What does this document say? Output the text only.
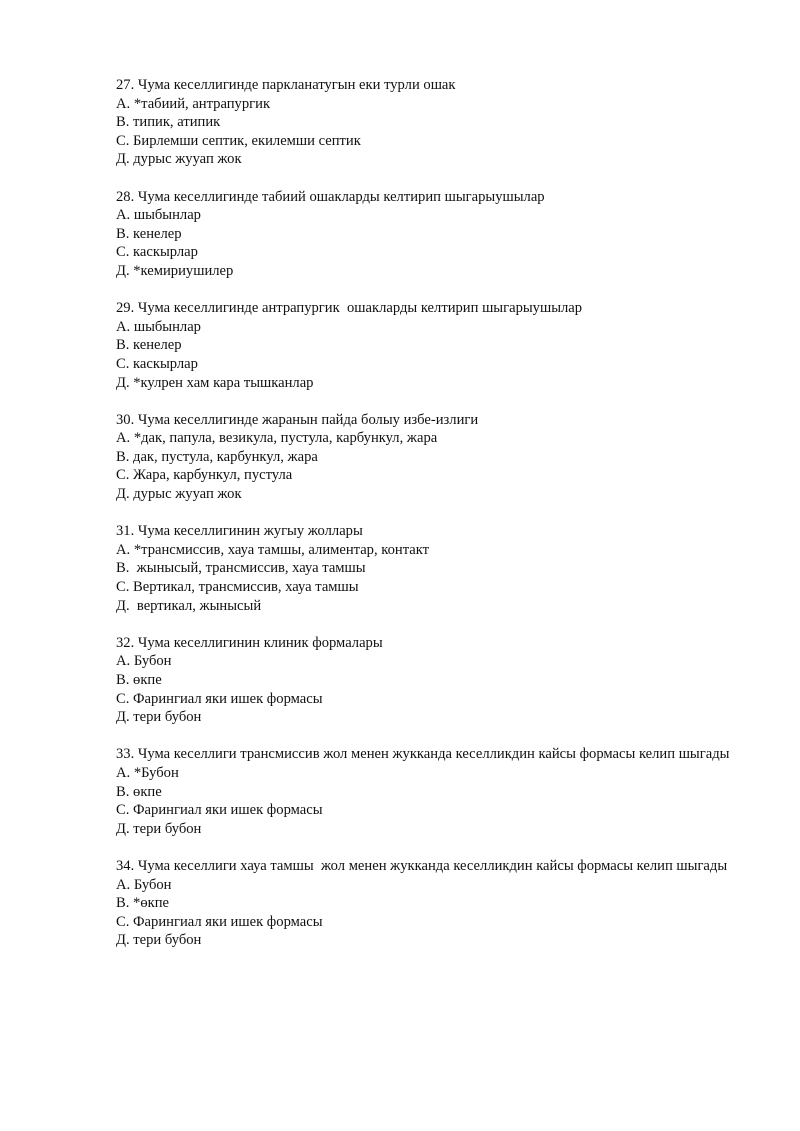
27. Чума кеселлигинде паркланатугын еки турли ошак
А. *табиий, антрапургик
В. типик, атипик
С. Бирлемши септик, екилемши септик
Д. дурыс жууап жок
28. Чума кеселлигинде табиий ошакларды келтирип шыгарыушылар
А. шыбынлар
В. кенелер
С. каскырлар
Д. *кемириушилер
29. Чума кеселлигинде антрапургик  ошакларды келтирип шыгарыушылар
А. шыбынлар
В. кенелер
С. каскырлар
Д. *кулрен хам кара тышканлар
30. Чума кеселлигинде жаранын пайда болыу избе-излиги
А. *дак, папула, везикула, пустула, карбункул, жара
В. дак, пустула, карбункул, жара
С. Жара, карбункул, пустула
Д. дурыс жууап жок
31. Чума кеселлигинин жугыу жоллары
А. *трансмиссив, хауа тамшы, алиментар, контакт
В.  жынысый, трансмиссив, хауа тамшы
С. Вертикал, трансмиссив, хауа тамшы
Д.  вертикал, жынысый
32. Чума кеселлигинин клиник формалары
А. Бубон
В. өкпе
С. Фарингиал яки ишек формасы
Д. тери бубон
33. Чума кеселлиги трансмиссив жол менен жукканда кеселликдин кайсы формасы келип шыгады
А. *Бубон
В. өкпе
С. Фарингиал яки ишек формасы
Д. тери бубон
34. Чума кеселлиги хауа тамшы  жол менен жукканда кеселликдин кайсы формасы келип шыгады
А. Бубон
В. *өкпе
С. Фарингиал яки ишек формасы
Д. тери бубон
